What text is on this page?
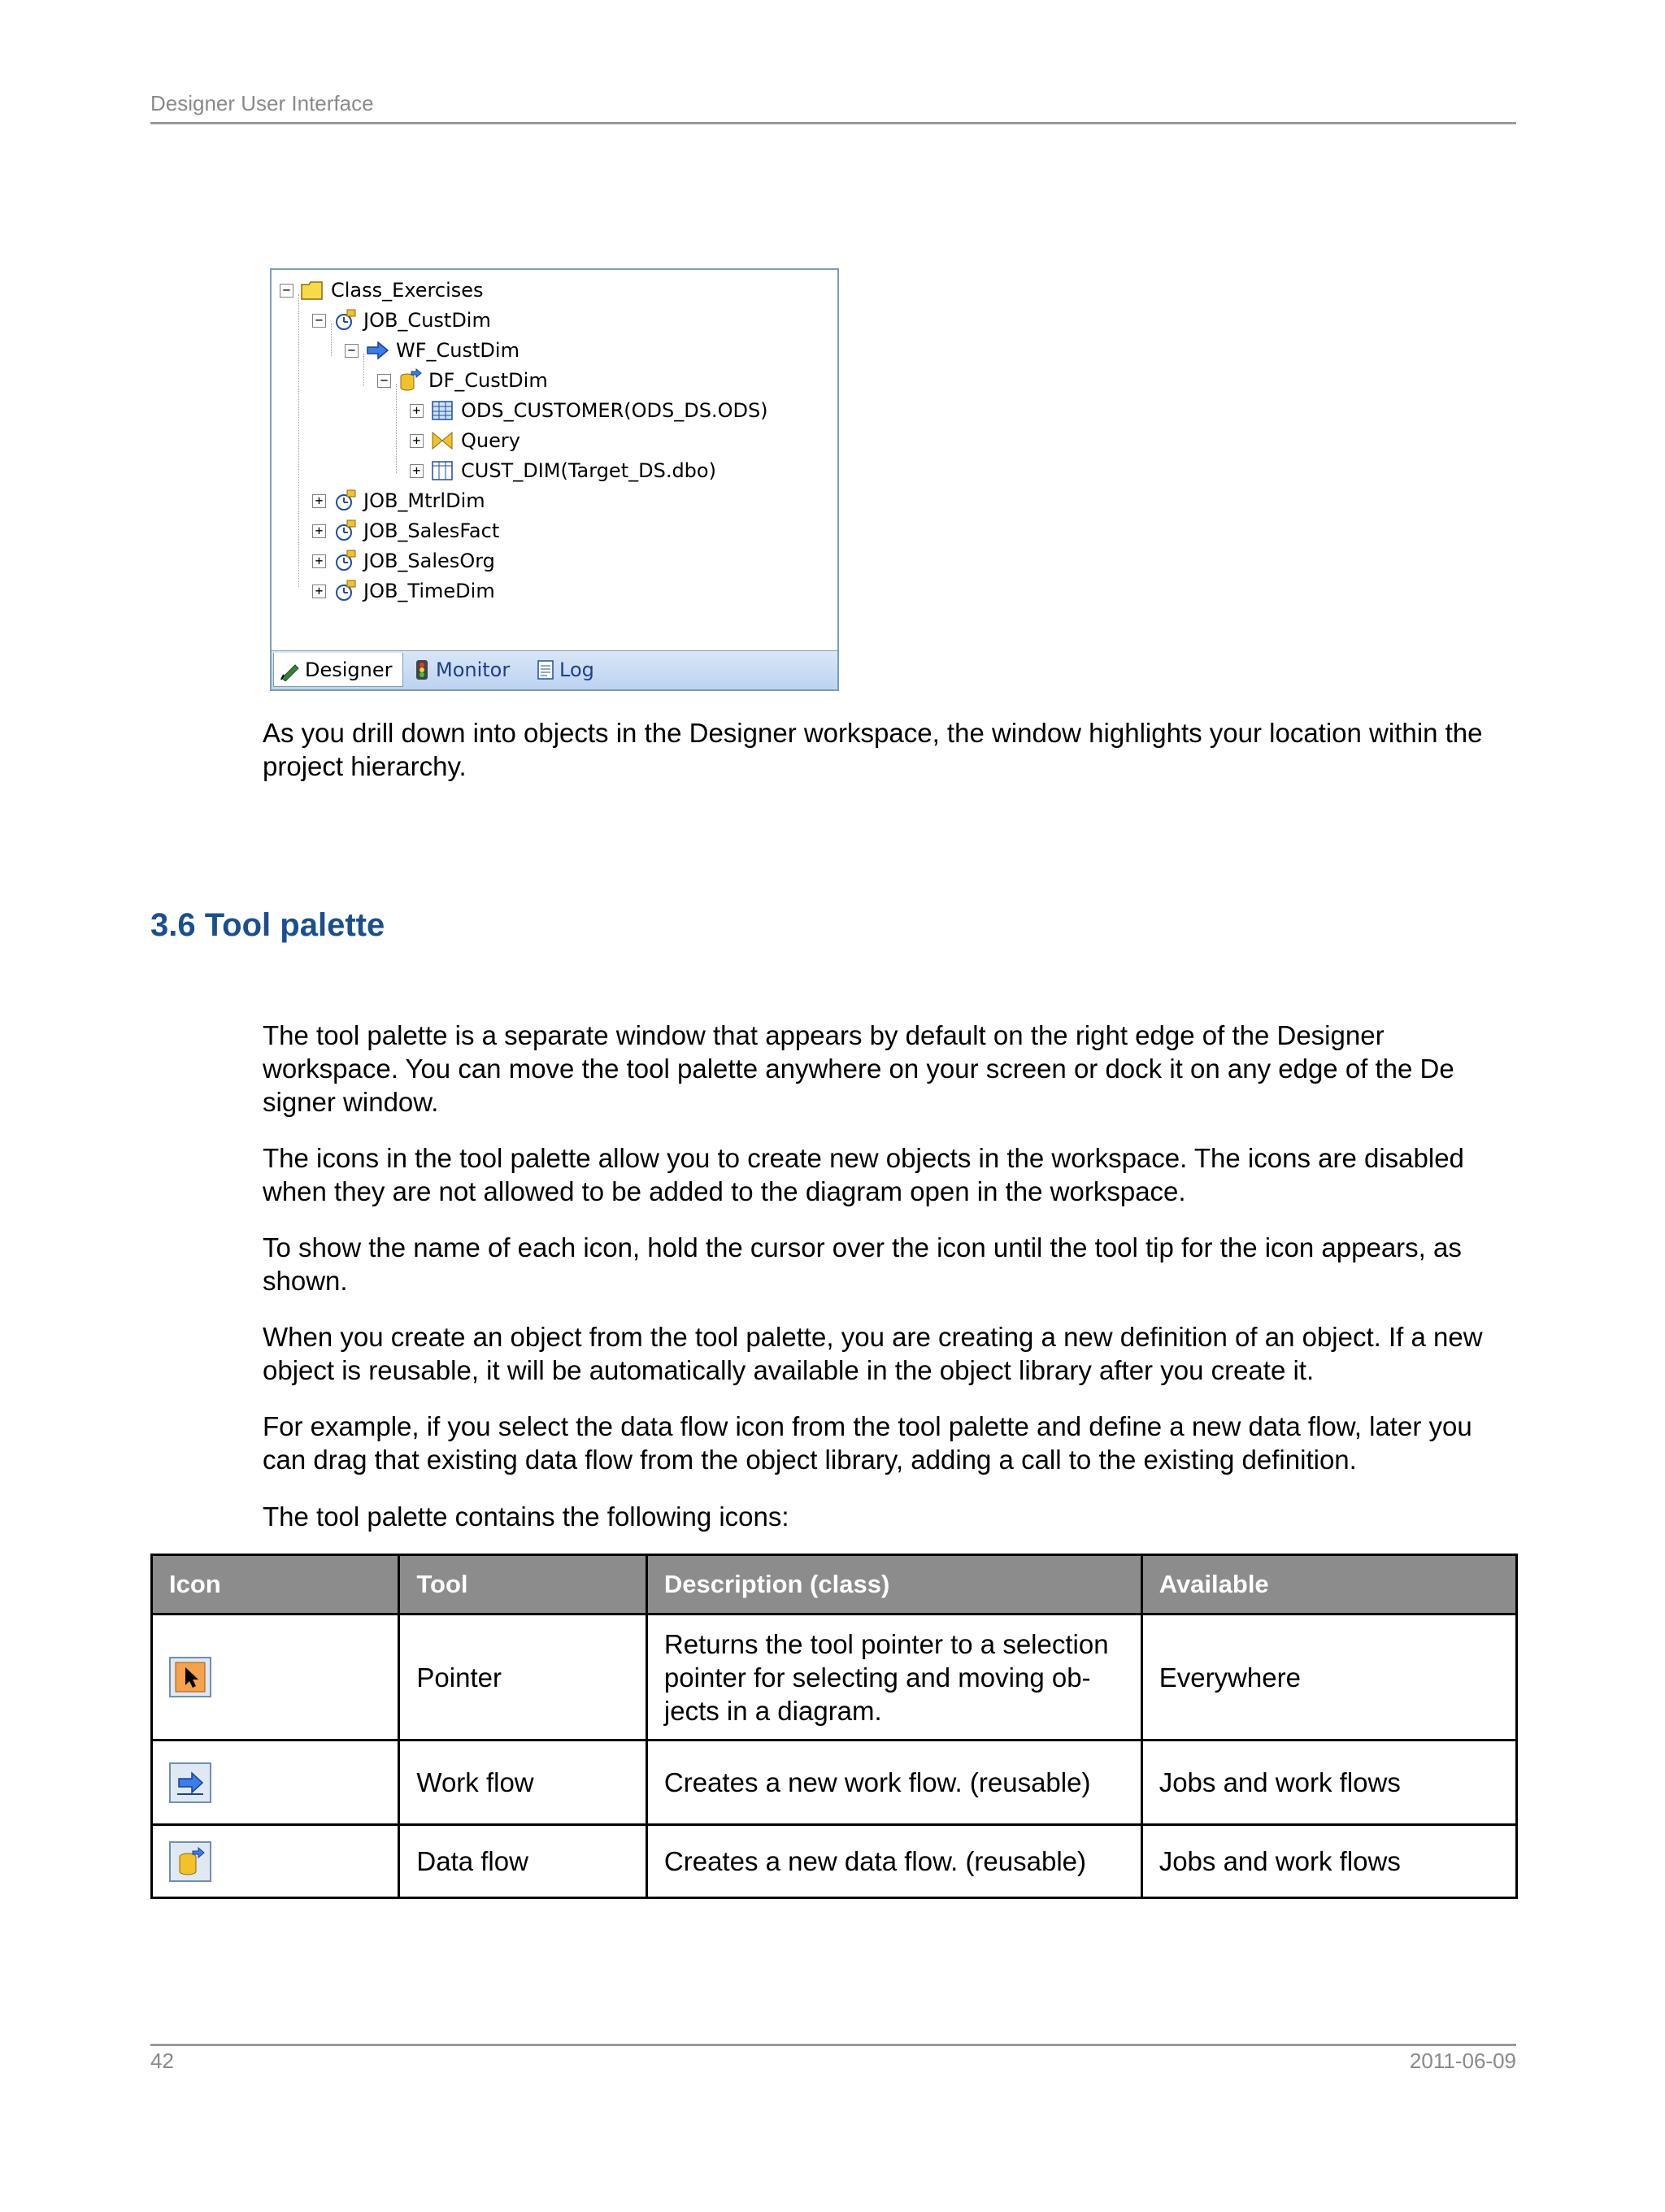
Designer User Interface
− Class_Exercises
− JOB_CustDim
− WF_CustDim
− DF_CustDim
+ ODS_CUSTOMER(ODS_DS.ODS)
+ Query
+ CUST_DIM(Target_DS.dbo)
+ JOB_MtrlDim
+ JOB_SalesFact
+ JOB_SalesOrg
+ JOB_TimeDim
Designer Monitor	Log
As you drill down into objects in the Designer workspace, the window highlights your location within the project hierarchy.
3.6 Tool palette
The tool palette is a separate window that appears by default on the right edge of the Designer workspace. You can move the tool palette anywhere on your screen or dock it on any edge of the De signer window.
The icons in the tool palette allow you to create new objects in the workspace. The icons are disabled when they are not allowed to be added to the diagram open in the workspace.
To show the name of each icon, hold the cursor over the icon until the tool tip for the icon appears, as shown.
When you create an object from the tool palette, you are creating a new definition of an object. If a new object is reusable, it will be automatically available in the object library after you create it.
For example, if you select the data flow icon from the tool palette and define a new data flow, later you can drag that existing data flow from the object library, adding a call to the existing definition.
The tool palette contains the following icons:
Icon	Tool	Description (class)	Available

	Pointer	Returns the tool pointer to a selection pointer for selecting and moving ob- jects in a diagram.	Everywhere

	Work flow	Creates a new work flow. (reusable)	Jobs and work flows

	Data flow	Creates a new data flow. (reusable)	Jobs and work flows
42	2011-06-09
